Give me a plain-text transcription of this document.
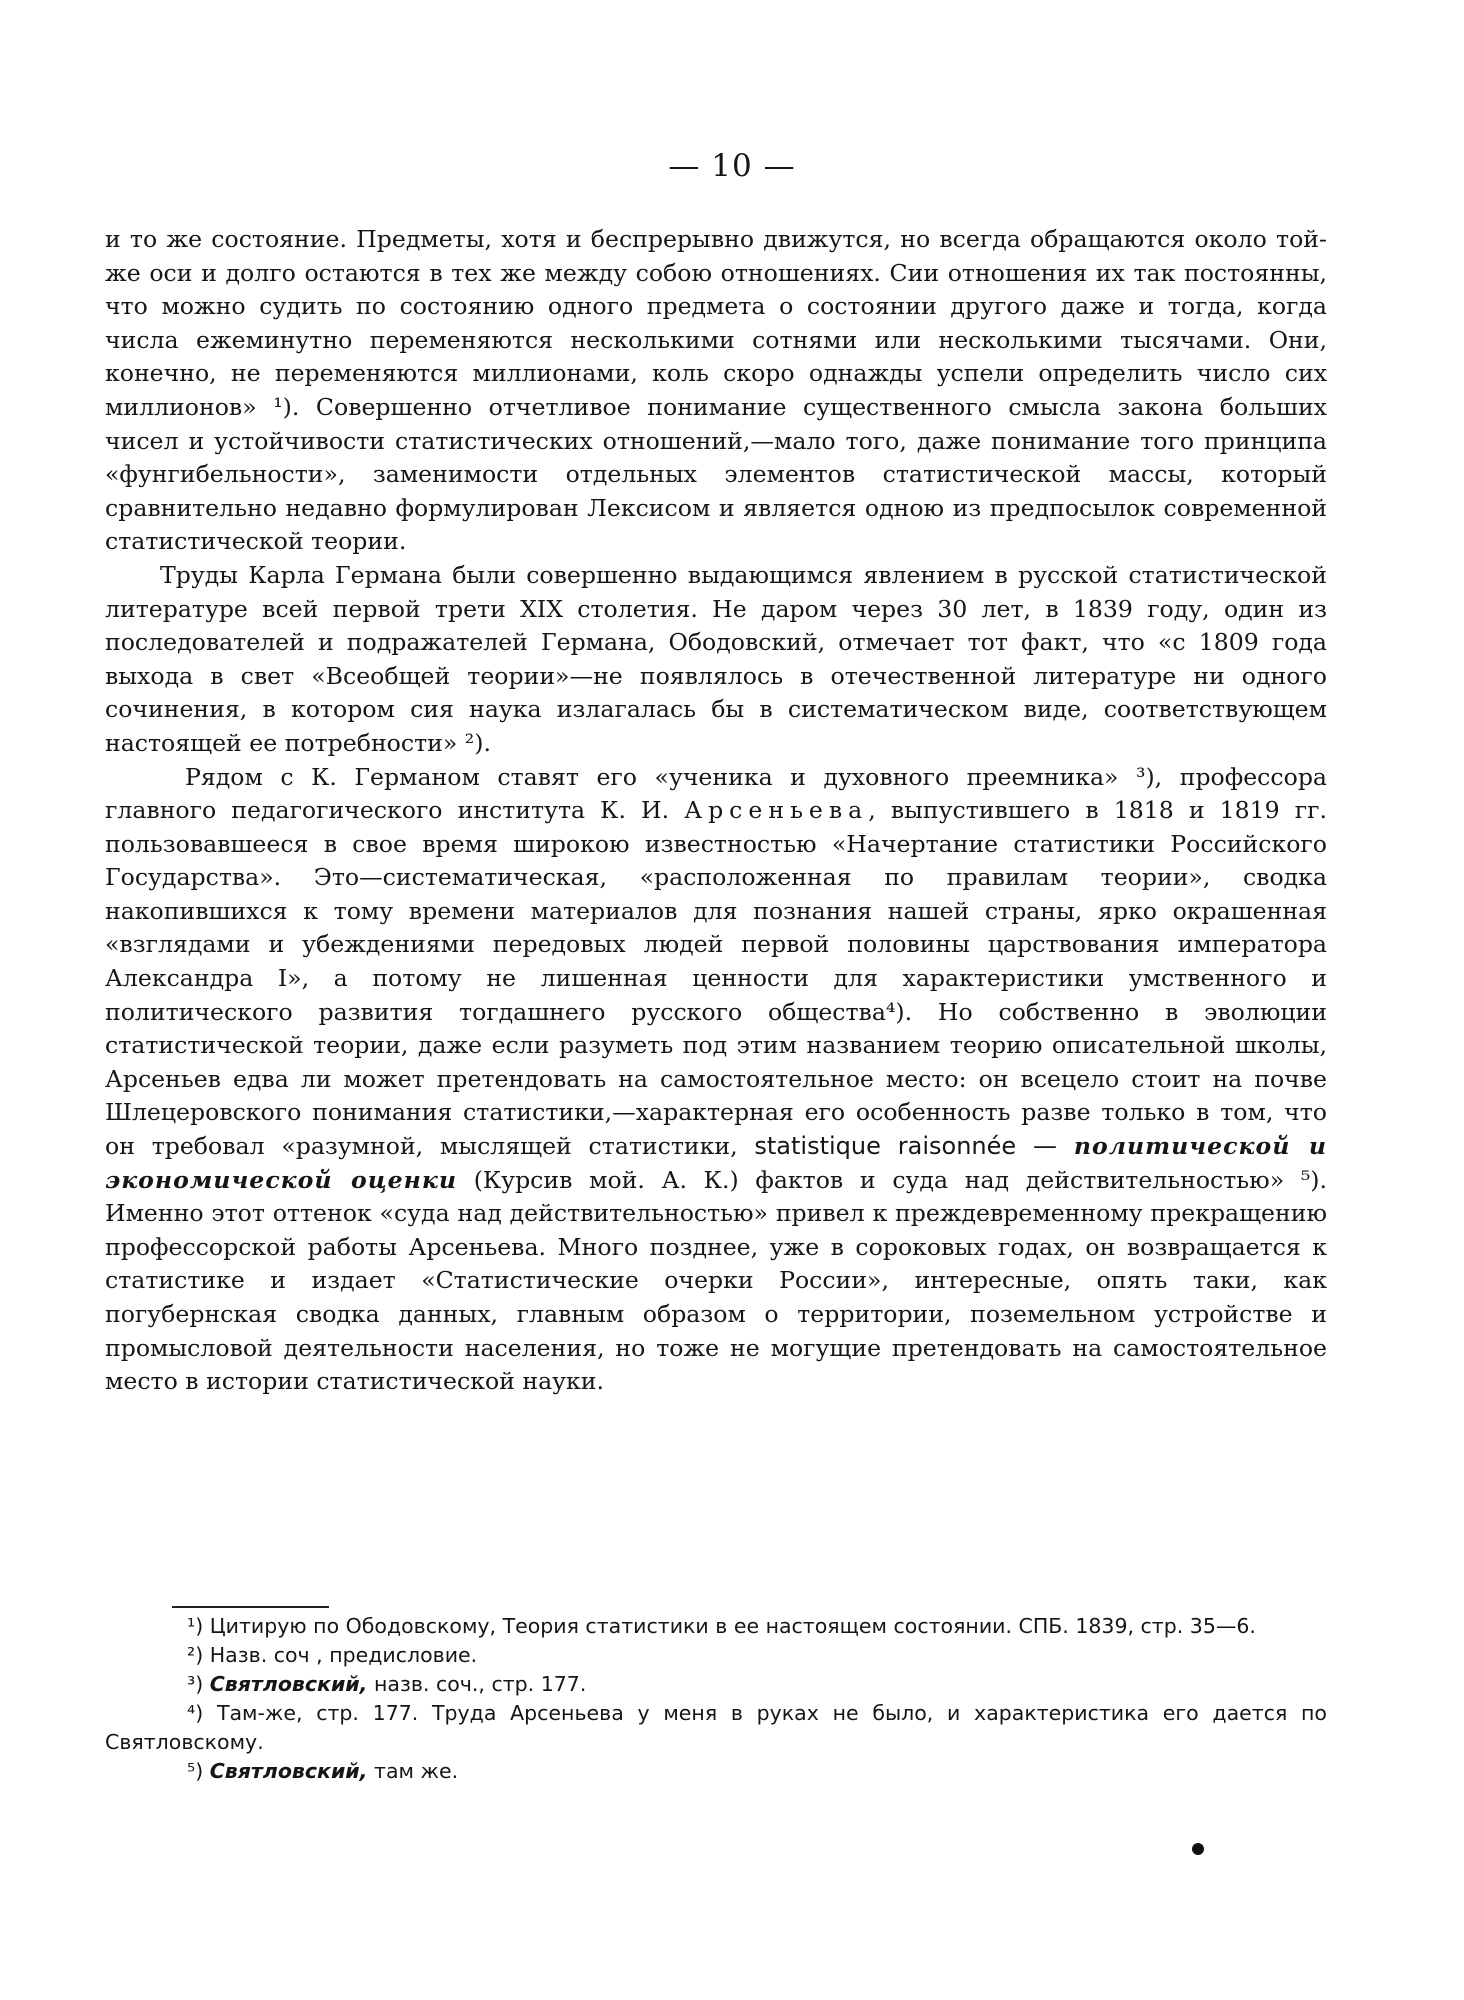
— 10 —

и то же состояние. Предметы, хотя и беспрерывно движутся, но всегда обращаются около той-же оси и долго остаются в тех же между собою отношениях. Сии отношения их так постоянны, что можно судить по состоянию одного предмета о состоянии другого даже и тогда, когда числа ежеминутно переменяются несколькими сотнями или несколькими тысячами. Они, конечно, не переменяются миллионами, коль скоро однажды успели определить число сих миллионов» ¹). Совершенно отчетливое понимание существенного смысла закона больших чисел и устойчивости статистических отношений,—мало того, даже понимание того принципа «фунгибельности», заменимости отдельных элементов статистической массы, который сравнительно недавно формулирован Лексисом и является одною из предпосылок современной статистической теории.

Труды Карла Германа были совершенно выдающимся явлением в русской статистической литературе всей первой трети XIX столетия. Не даром через 30 лет, в 1839 году, один из последователей и подражателей Германа, Ободовский, отмечает тот факт, что «с 1809 года выхода в свет «Всеобщей теории»—не появлялось в отечественной литературе ни одного сочинения, в котором сия наука излагалась бы в систематическом виде, соответствующем настоящей ее потребности» ²).

Рядом с К. Германом ставят его «ученика и духовного преемника» ³), профессора главного педагогического института К. И. Арсеньева, выпустившего в 1818 и 1819 гг. пользовавшееся в свое время широкою известностью «Начертание статистики Российского Государства». Это—систематическая, «расположенная по правилам теории», сводка накопившихся к тому времени материалов для познания нашей страны, ярко окрашенная «взглядами и убеждениями передовых людей первой половины царствования императора Александра I», а потому не лишенная ценности для характеристики умственного и политического развития тогдашнего русского общества⁴). Но собственно в эволюции статистической теории, даже если разуметь под этим названием теорию описательной школы, Арсеньев едва ли может претендовать на самостоятельное место: он всецело стоит на почве Шлецеровского понимания статистики,—характерная его особенность разве только в том, что он требовал «разумной, мыслящей статистики, statistique raisonnée — политической и экономической оценки (Курсив мой. А. К.) фактов и суда над действительностью» ⁵). Именно этот оттенок «суда над действительностью» привел к преждевременному прекращению профессорской работы Арсеньева. Много позднее, уже в сороковых годах, он возвращается к статистике и издает «Статистические очерки России», интересные, опять таки, как погубернская сводка данных, главным образом о территории, поземельном устройстве и промысловой деятельности населения, но тоже не могущие претендовать на самостоятельное место в истории статистической науки.

¹) Цитирую по Ободовскому, Теория статистики в ее настоящем состоянии. СПБ. 1839, стр. 35—6.

²) Назв. соч , предисловие.

³) Святловский, назв. соч., стр. 177.

⁴) Там-же, стр. 177. Труда Арсеньева у меня в руках не было, и характеристика его дается по Святловскому.

⁵) Святловский, там же.
